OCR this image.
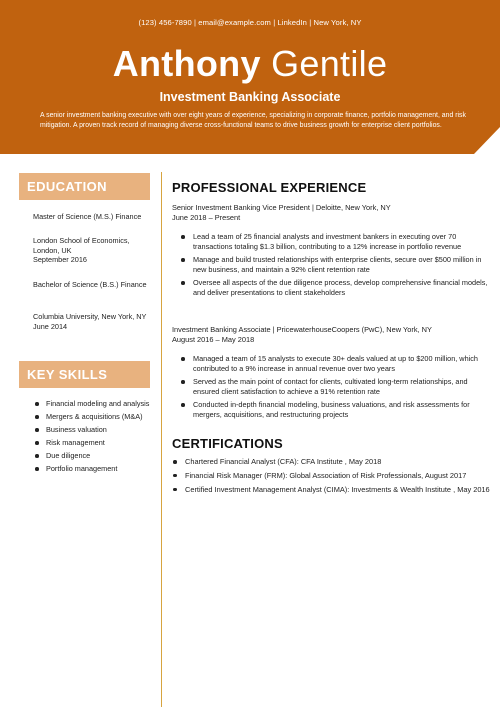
(123) 456-7890 | email@example.com | LinkedIn | New York, NY
Anthony Gentile
Investment Banking Associate
A senior investment banking executive with over eight years of experience, specializing in corporate finance, portfolio management, and risk mitigation. A proven track record of managing diverse cross-functional teams to drive business growth for enterprise client portfolios.
EDUCATION
Master of Science (M.S.) Finance
London School of Economics, London, UK
September 2016
Bachelor of Science (B.S.) Finance
Columbia University, New York, NY
June 2014
KEY SKILLS
Financial modeling and analysis
Mergers & acquisitions (M&A)
Business valuation
Risk management
Due diligence
Portfolio management
PROFESSIONAL EXPERIENCE
Senior Investment Banking Vice President | Deloitte, New York, NY
June 2018 – Present
Lead a team of 25 financial analysts and investment bankers in executing over 70 transactions totaling $1.3 billion, contributing to a 12% increase in portfolio revenue
Manage and build trusted relationships with enterprise clients, secure over $500 million in new business, and maintain a 92% client retention rate
Oversee all aspects of the due diligence process, develop comprehensive financial models, and deliver presentations to client stakeholders
Investment Banking Associate | PricewaterhouseCoopers (PwC), New York, NY
August 2016 – May 2018
Managed a team of 15 analysts to execute 30+ deals valued at up to $200 million, which contributed to a 9% increase in annual revenue over two years
Served as the main point of contact for clients, cultivated long-term relationships, and ensured client satisfaction to achieve a 91% retention rate
Conducted in-depth financial modeling, business valuations, and risk assessments for mergers, acquisitions, and restructuring projects
CERTIFICATIONS
Chartered Financial Analyst (CFA): CFA Institute , May 2018
Financial Risk Manager (FRM): Global Association of Risk Professionals, August 2017
Certified Investment Management Analyst (CIMA): Investments & Wealth Institute , May 2016
